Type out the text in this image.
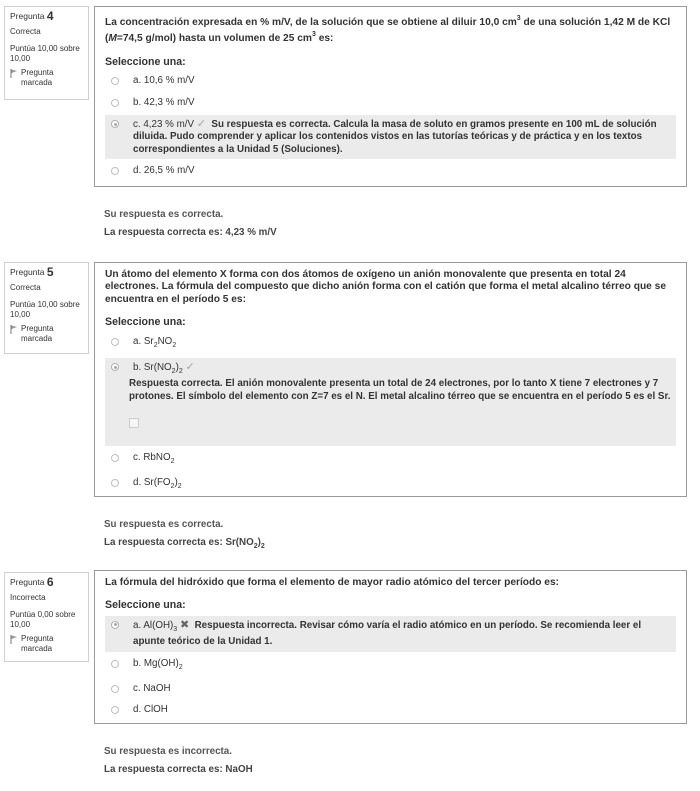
Pregunta 4
Correcta
Puntúa 10,00 sobre 10,00
Pregunta marcada
La concentración expresada en % m/V, de la solución que se obtiene al diluir 10,0 $cm^3$ de una solución 1,42 M de KCl (M=74,5 g/mol) hasta un volumen de 25 $cm^3$ es:
Seleccione una:
a. 10,6 % m/V
b. 42,3 % m/V
c. 4,23 % m/V ✓ Su respuesta es correcta. Calcula la masa de soluto en gramos presente en 100 mL de solución diluida. Pudo comprender y aplicar los contenidos vistos en las tutorías teóricas y de práctica y en los textos correspondientes a la Unidad 5 (Soluciones).
d. 26,5 % m/V
Su respuesta es correcta.
La respuesta correcta es: 4,23 % m/V
Pregunta 5
Correcta
Puntúa 10,00 sobre 10,00
Pregunta marcada
Un átomo del elemento X forma con dos átomos de oxígeno un anión monovalente que presenta en total 24 electrones. La fórmula del compuesto que dicho anión forma con el catión que forma el metal alcalino térreo que se encuentra en el período 5 es:
Seleccione una:
a. $Sr_2NO_2$
b. $Sr(NO_2)_2$ ✓
Respuesta correcta. El anión monovalente presenta un total de 24 electrones, por lo tanto X tiene 7 electrones y 7 protones. El símbolo del elemento con Z=7 es el N. El metal alcalino térreo que se encuentra en el período 5 es el Sr.
c. RbNO$_2$
d. $Sr(FO_2)_2$
Su respuesta es correcta.
La respuesta correcta es: $Sr(NO_2)_2$
Pregunta 6
Incorrecta
Puntúa 0,00 sobre 10,00
Pregunta marcada
La fórmula del hidróxido que forma el elemento de mayor radio atómico del tercer período es:
Seleccione una:
a. $Al(OH)_3$ ✖ Respuesta incorrecta. Revisar cómo varía el radio atómico en un período. Se recomienda leer el apunte teórico de la Unidad 1.
b. $Mg(OH)_2$
c. NaOH
d. ClOH
Su respuesta es incorrecta.
La respuesta correcta es: NaOH
